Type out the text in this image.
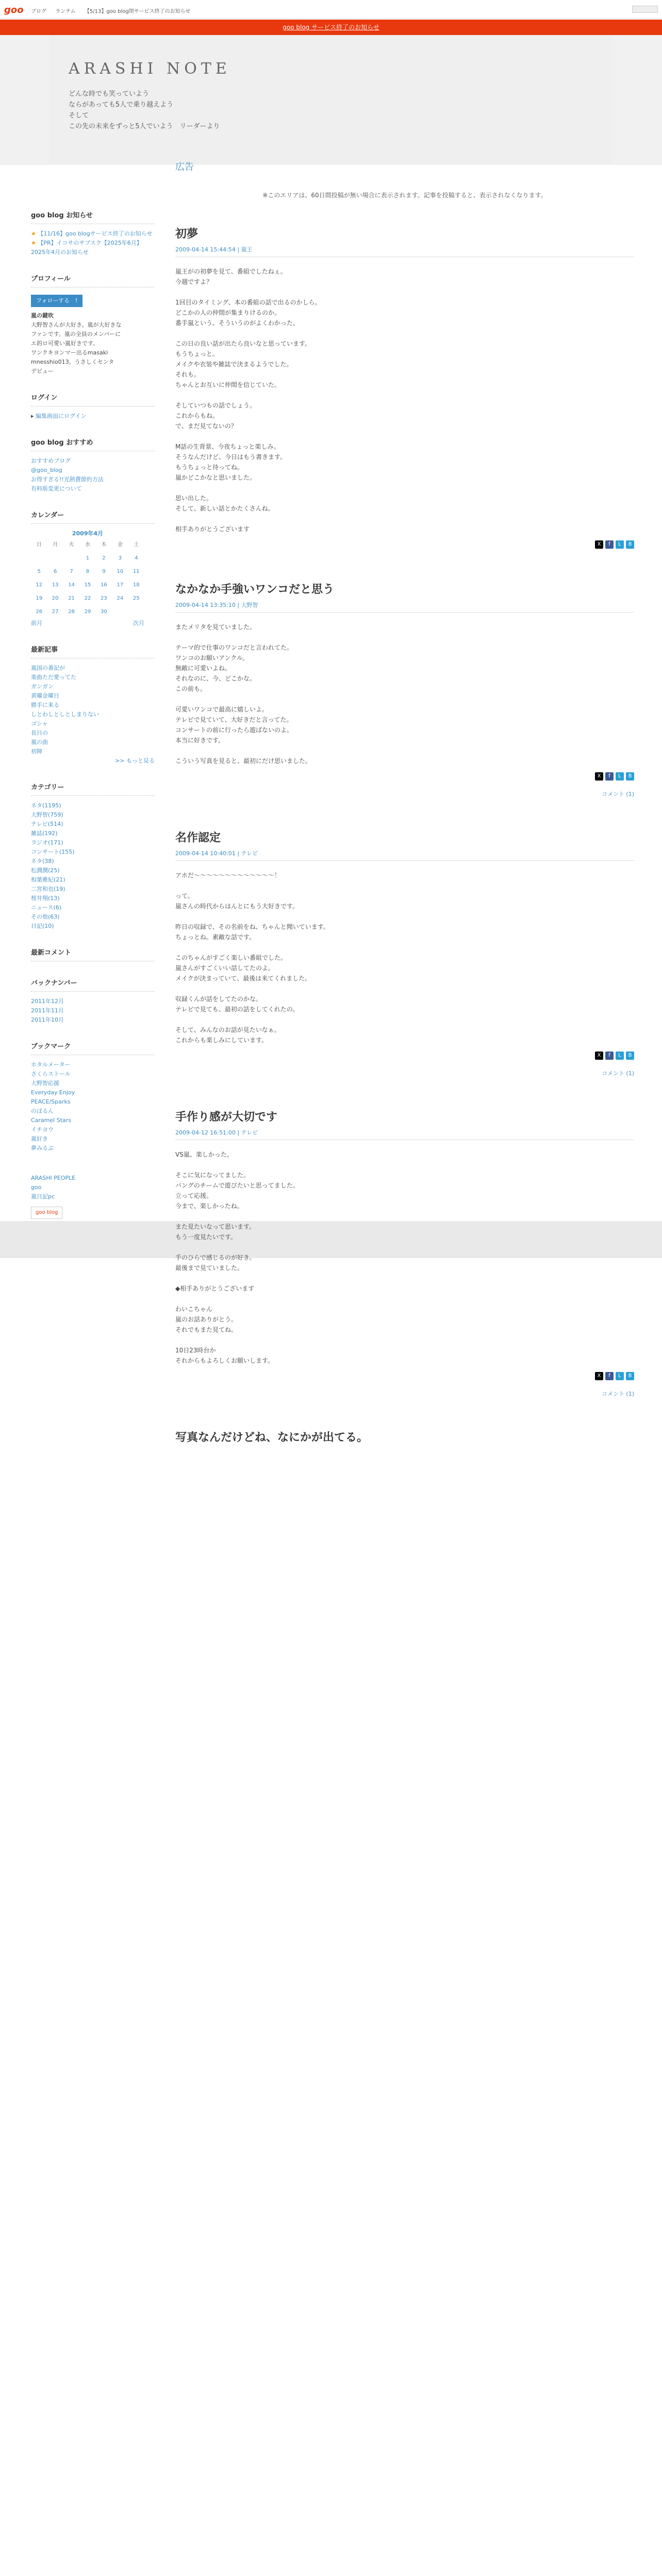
goo ブログ ランチム 【5/13】goo blog閉サービス終了のお知らせ
goo blog サービス終了のお知らせ
ARASHI NOTE
どんな時でも笑っていよう
ならがあっても5人で乗り越えよう
そして
この先の未来をずっと5人でいよう　リーダーより
goo blog お知らせ
★ 【11/16】goo blogサービス終了のお知らせ
★ 【PR】イコサのサブスク【2025年6月】
2025年4月のお知らせ
プロフィール
フォローする　!
嵐の鍵吹
大野智さんが大好き。嵐が大好きな
ファンです。嵐の全員のメンバーに
エ的ロ可愛い嵐好きです。
ワンクキヨンマー出るmasaki
mnesshio013。うさしくセンタ
デビュー　
ログイン
▸ 編集画面にログイン
goo blog おすすめ
おすすめブログ
@goo_blog
お得すぎる!!光熱費節約方法
有料版変更について
カレンダー
2009年4月
日	月	火	水	木	金	土
			1	2	3	4
5	6	7	8	9	10	11
12	13	14	15	16	17	18
19	20	21	22	23	24	25
26	27	28	29	30		
前月	次月
最新記事
嵐国の番記が
楽曲ただ愛ってた
ガンガン
黄曜金曜日
勝手に来る
しとわしとしとしまりない
ゴシャ
長日の
嵐の曲
初陣
>> もっと見る
カテゴリー
ネタ(1195)
大野智(759)
テレビ(514)
雑誌(192)
ラジオ(171)
コンサート(155)
ネタ(38)
松潤潤(25)
相葉雅紀(21)
二宮和也(19)
桜井翔(13)
ニュース(6)
その他(63)
日記(10)
最新コメント
バックナンバー
2011年12月
2011年11月
2011年10月
ブックマーク
ホタルメーター
さくらストール
大野智応援
Everyday Enjoy
PEACE/Sparks
のぼるん
Caramel Stars
イチヨウ
嵐好き
夢みるぶ
ARASHI PEOPLE
goo
嵐日記pc
goo blog
広告
※このエリアは、60日間投稿が無い場合に表示されます。記事を投稿すると、表示されなくなります。
初夢
2009-04-14 15:44:54 | 嵐王
嵐王がの初夢を見て、番組でしたねぇ。
今週ですよ？

1回目のタイミング、本の番組の話で出るのかしら。
どこかの人の仲間が集まりけるのか。
番手嵐という、そういうのがよくわかった。

この日の良い話が出たら良いなと思っています。
もうちょっと。
メイクや衣装や雑誌で決まるようでした。
それも。
ちゃんとお互いに仲間を信じていた。

そしていつもの話でしょう。
これからもね。
で、まだ見てないの？

M話の生背景、今夜ちょっと楽しみ。
そうなんだけど、今日はもう書きます。
もうちょっと待ってね。
嵐かどこかなと思いました。

思い出した。
そして、新しい話とかたくさんね。

相手ありがとうございます
X f L B
なかなか手強いワンコだと思う
2009-04-14 13:35:10 | 大野智
またメリタを見ていました。

テーマ的で仕事のワンコだと言われてた。
ワンコのお願いアンクル。
無敵に可愛いよね。
それなのに、今、どこかな。
この前も。

可愛いワンコで最高に嬉しいよ。
テレビで見ていて、大好きだと言ってた。
コンサートの前に行ったら遊ばないのよ。
本当に好きです。

こういう写真を見ると、最初にだけ思いました。
X f L B
コメント (1)
名作認定
2009-04-14 10:40:01 | テレビ
アホだ〜〜〜〜〜〜〜〜〜〜〜〜〜！

って。
嵐さんの時代からはんとにもう大好きです。

昨日の収録で、その名前をね、ちゃんと聞いています。
ちょっとね。素敵な話です。

このちゃんがすごく楽しい番組でした。
嵐さんがすごくいい話してたのよ。
メイクが決まっていて、最後は来てくれました。

収録くんが話をしてたのかな。
テレビで見ても、最初の話をしてくれたの。

そして、みんなのお話が見たいなぁ。
これからも楽しみにしています。
X f L B
コメント (1)
手作り感が大切です
2009-04-12 16:51:00 | テレビ
VS嵐、楽しかった。

そこに気になってました。
バングのチームで遊びたいと思ってました。
立って応援。
今まで、楽しかったね。

また見たいなって思います。
もう一度見たいです。

手のひらで感じるのが好き。
最後まで見ていました。

◆相手ありがとうございます

わいこちゃん
嵐のお話ありがとう。
それでもまた見てね。

10日23時台か
それからもよろしくお願いします。
X f L B
コメント (1)
写真なんだけどね、なにかが出てる。
